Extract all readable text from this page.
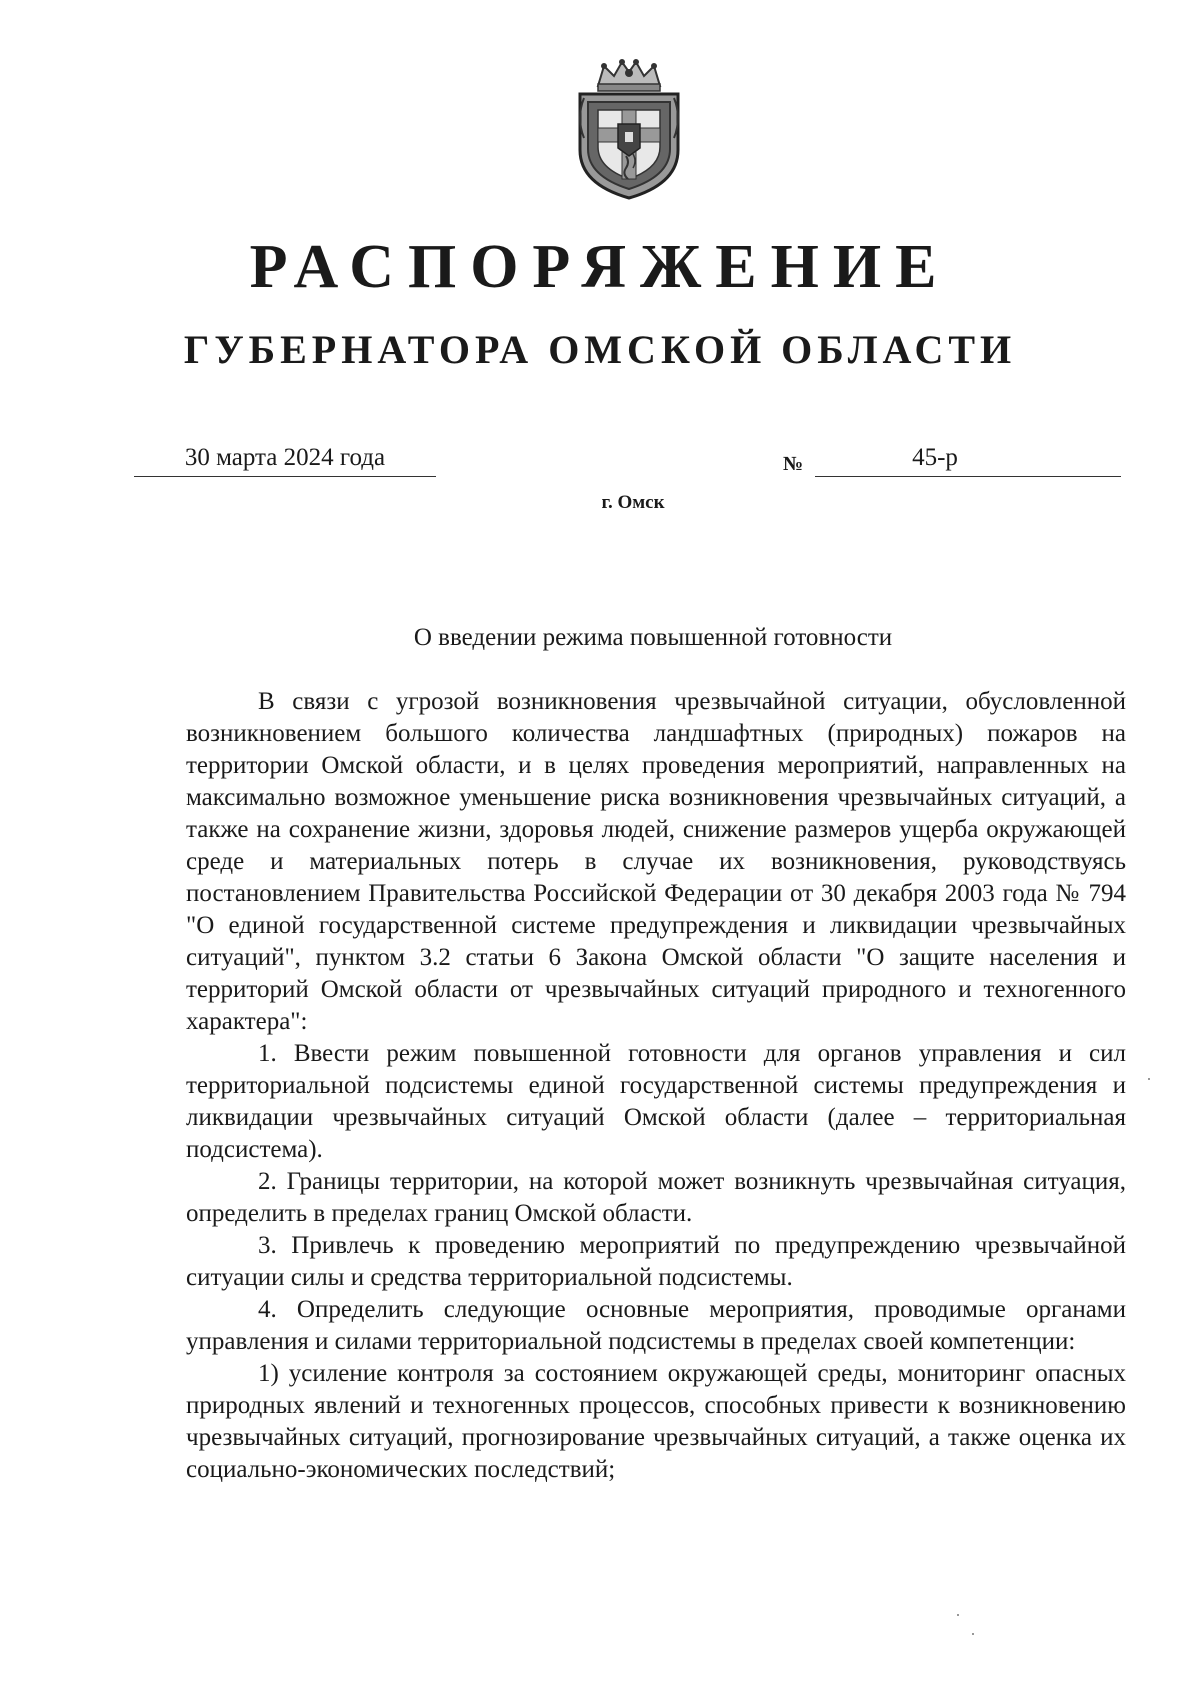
РАСПОРЯЖЕНИЕ
ГУБЕРНАТОРА ОМСКОЙ ОБЛАСТИ
30 марта 2024 года	№	45-р
г. Омск
О введении режима повышенной готовности

В связи с угрозой возникновения чрезвычайной ситуации, обусловленной возникновением большого количества ландшафтных (природных) пожаров на территории Омской области, и в целях проведения мероприятий, направленных на максимально возможное уменьшение риска возникновения чрезвычайных ситуаций, а также на сохранение жизни, здоровья людей, снижение размеров ущерба окружающей среде и материальных потерь в случае их возникновения, руководствуясь постановлением Правительства Российской Федерации от 30 декабря 2003 года № 794 "О единой государственной системе предупреждения и ликвидации чрезвычайных ситуаций", пунктом 3.2 статьи 6 Закона Омской области "О защите населения и территорий Омской области от чрезвычайных ситуаций природного и техногенного характера":

1. Ввести режим повышенной готовности для органов управления и сил территориальной подсистемы единой государственной системы предупреждения и ликвидации чрезвычайных ситуаций Омской области (далее – территориальная подсистема).

2. Границы территории, на которой может возникнуть чрезвычайная ситуация, определить в пределах границ Омской области.

3. Привлечь к проведению мероприятий по предупреждению чрезвычайной ситуации силы и средства территориальной подсистемы.

4. Определить следующие основные мероприятия, проводимые органами управления и силами территориальной подсистемы в пределах своей компетенции:

1) усиление контроля за состоянием окружающей среды, мониторинг опасных природных явлений и техногенных процессов, способных привести к возникновению чрезвычайных ситуаций, прогнозирование чрезвычайных ситуаций, а также оценка их социально-экономических последствий;
